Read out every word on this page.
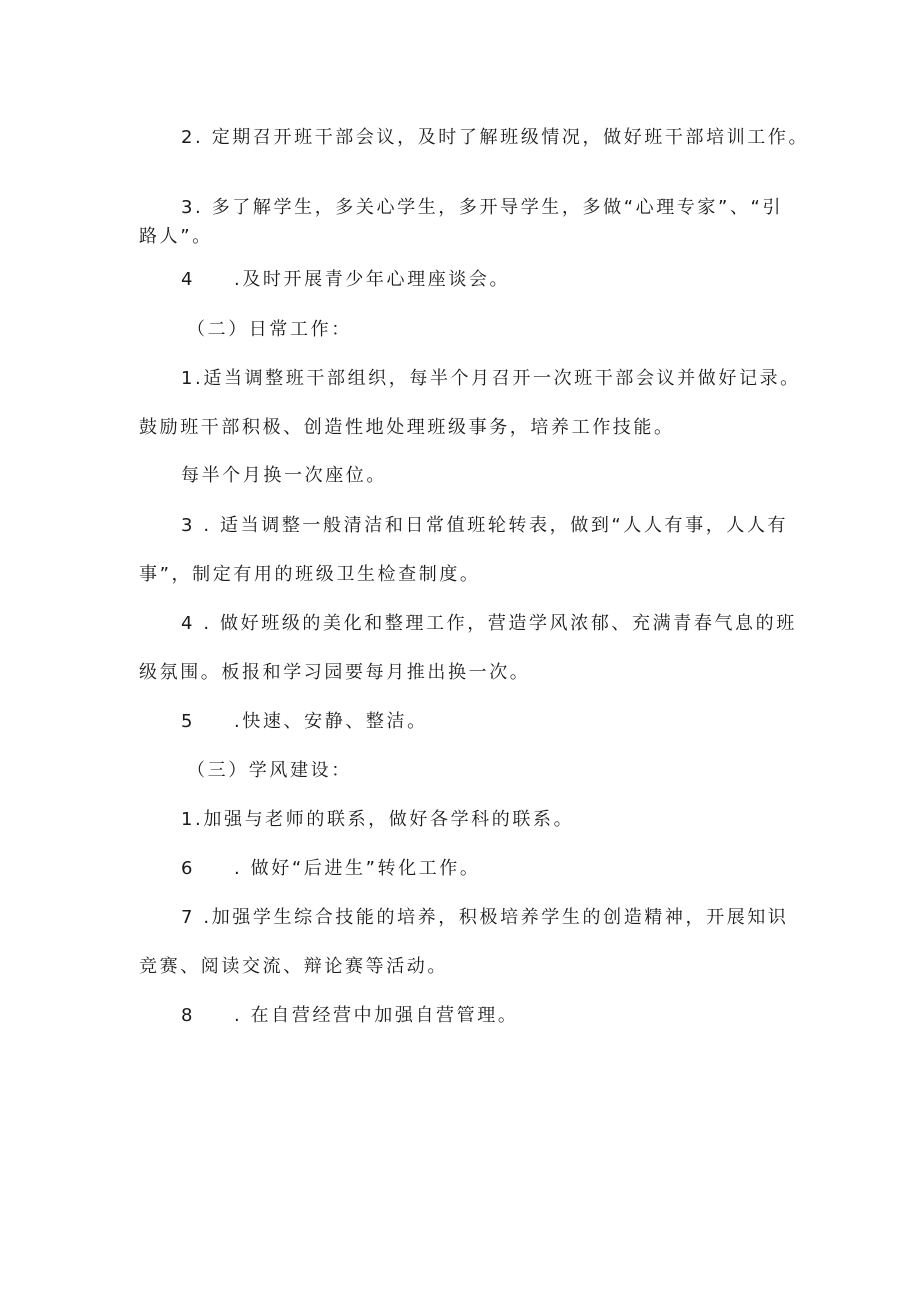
2. 定期召开班干部会议，及时了解班级情况，做好班干部培训工作。
3. 多了解学生，多关心学生，多开导学生，多做“心理专家”、“引
路人”。
4 .及时开展青少年心理座谈会。
（二）日常工作：
1.适当调整班干部组织，每半个月召开一次班干部会议并做好记录。
鼓励班干部积极、创造性地处理班级事务，培养工作技能。
每半个月换一次座位。
3 . 适当调整一般清洁和日常值班轮转表，做到“人人有事，人人有
事”，制定有用的班级卫生检查制度。
4 . 做好班级的美化和整理工作，营造学风浓郁、充满青春气息的班
级氛围。板报和学习园要每月推出换一次。
5 .快速、安静、整洁。
（三）学风建设：
1.加强与老师的联系，做好各学科的联系。
6 . 做好“后进生”转化工作。
7 .加强学生综合技能的培养，积极培养学生的创造精神，开展知识
竞赛、阅读交流、辩论赛等活动。
8 . 在自营经营中加强自营管理。
